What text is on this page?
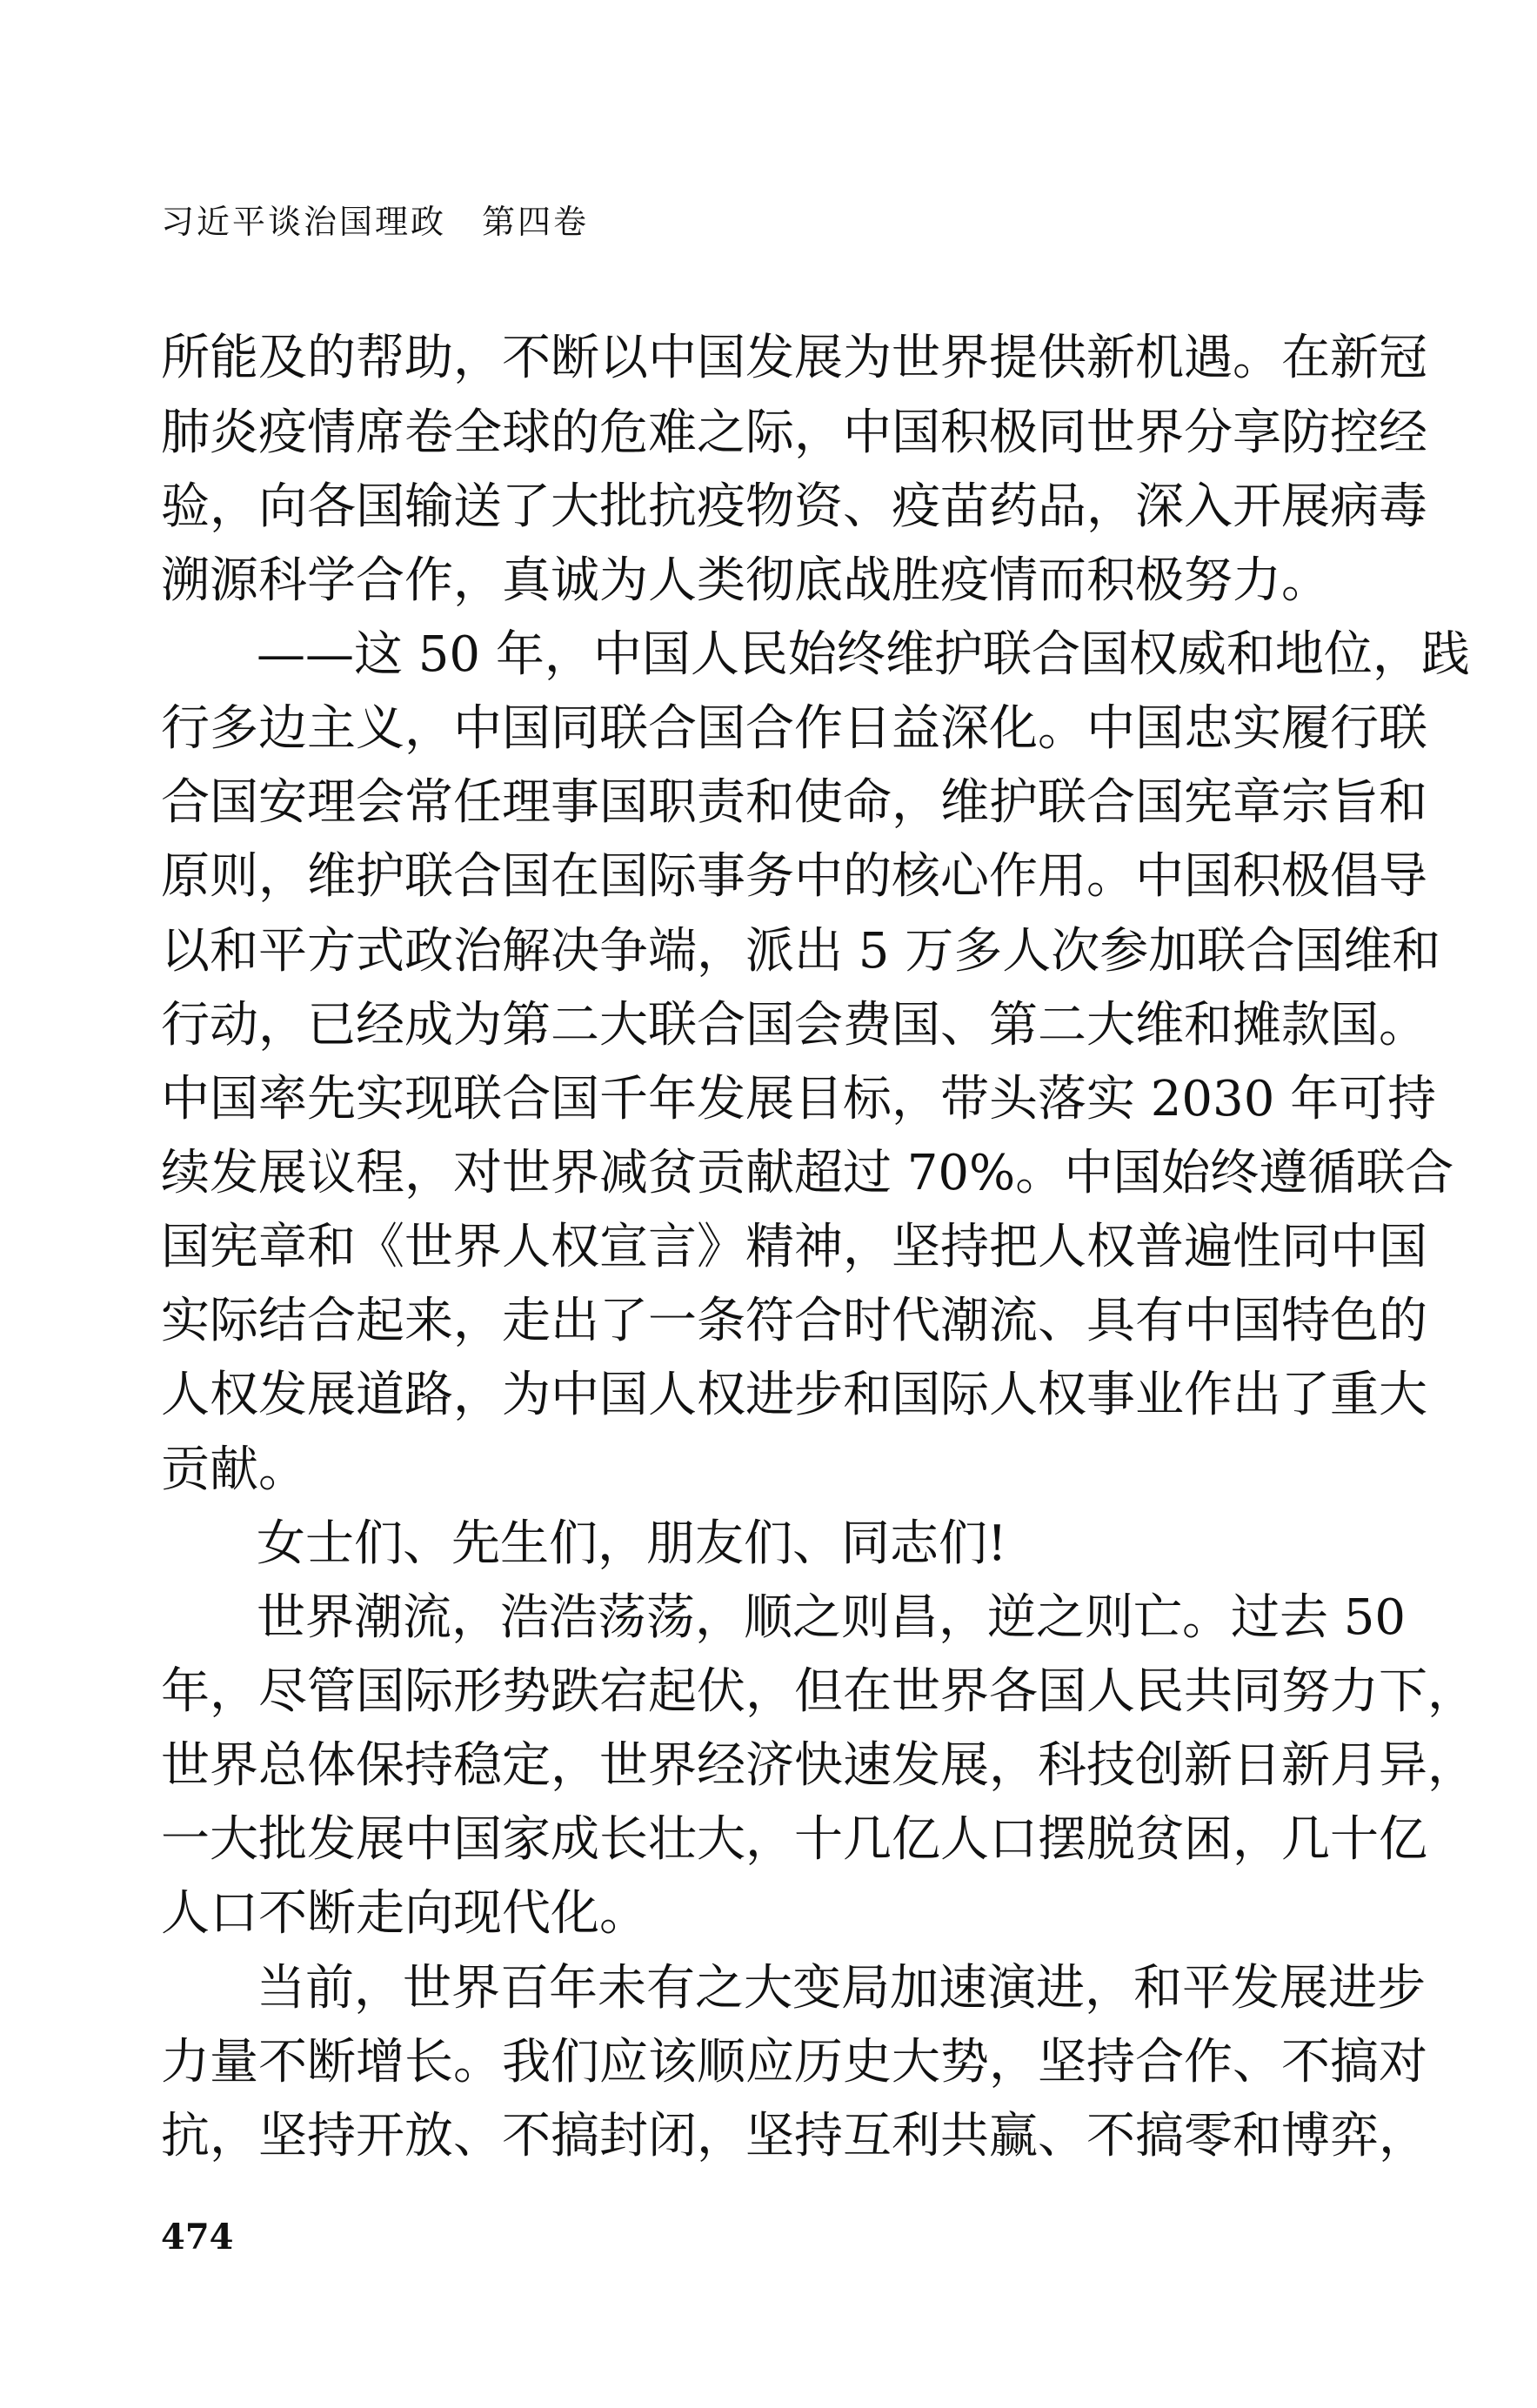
习近平谈治国理政　第四卷
所能及的帮助，不断以中国发展为世界提供新机遇。在新冠
肺炎疫情席卷全球的危难之际，中国积极同世界分享防控经
验，向各国输送了大批抗疫物资、疫苗药品，深入开展病毒
溯源科学合作，真诚为人类彻底战胜疫情而积极努力。
——这 50 年，中国人民始终维护联合国权威和地位，践
行多边主义，中国同联合国合作日益深化。中国忠实履行联
合国安理会常任理事国职责和使命，维护联合国宪章宗旨和
原则，维护联合国在国际事务中的核心作用。中国积极倡导
以和平方式政治解决争端，派出 5 万多人次参加联合国维和
行动，已经成为第二大联合国会费国、第二大维和摊款国。
中国率先实现联合国千年发展目标，带头落实 2030 年可持
续发展议程，对世界减贫贡献超过 70%。中国始终遵循联合
国宪章和《世界人权宣言》精神，坚持把人权普遍性同中国
实际结合起来，走出了一条符合时代潮流、具有中国特色的
人权发展道路，为中国人权进步和国际人权事业作出了重大
贡献。
女士们、先生们，朋友们、同志们!
世界潮流，浩浩荡荡，顺之则昌，逆之则亡。过去 50
年，尽管国际形势跌宕起伏，但在世界各国人民共同努力下，
世界总体保持稳定，世界经济快速发展，科技创新日新月异，
一大批发展中国家成长壮大，十几亿人口摆脱贫困，几十亿
人口不断走向现代化。
当前，世界百年未有之大变局加速演进，和平发展进步
力量不断增长。我们应该顺应历史大势，坚持合作、不搞对
抗，坚持开放、不搞封闭，坚持互利共赢、不搞零和博弈，
474
